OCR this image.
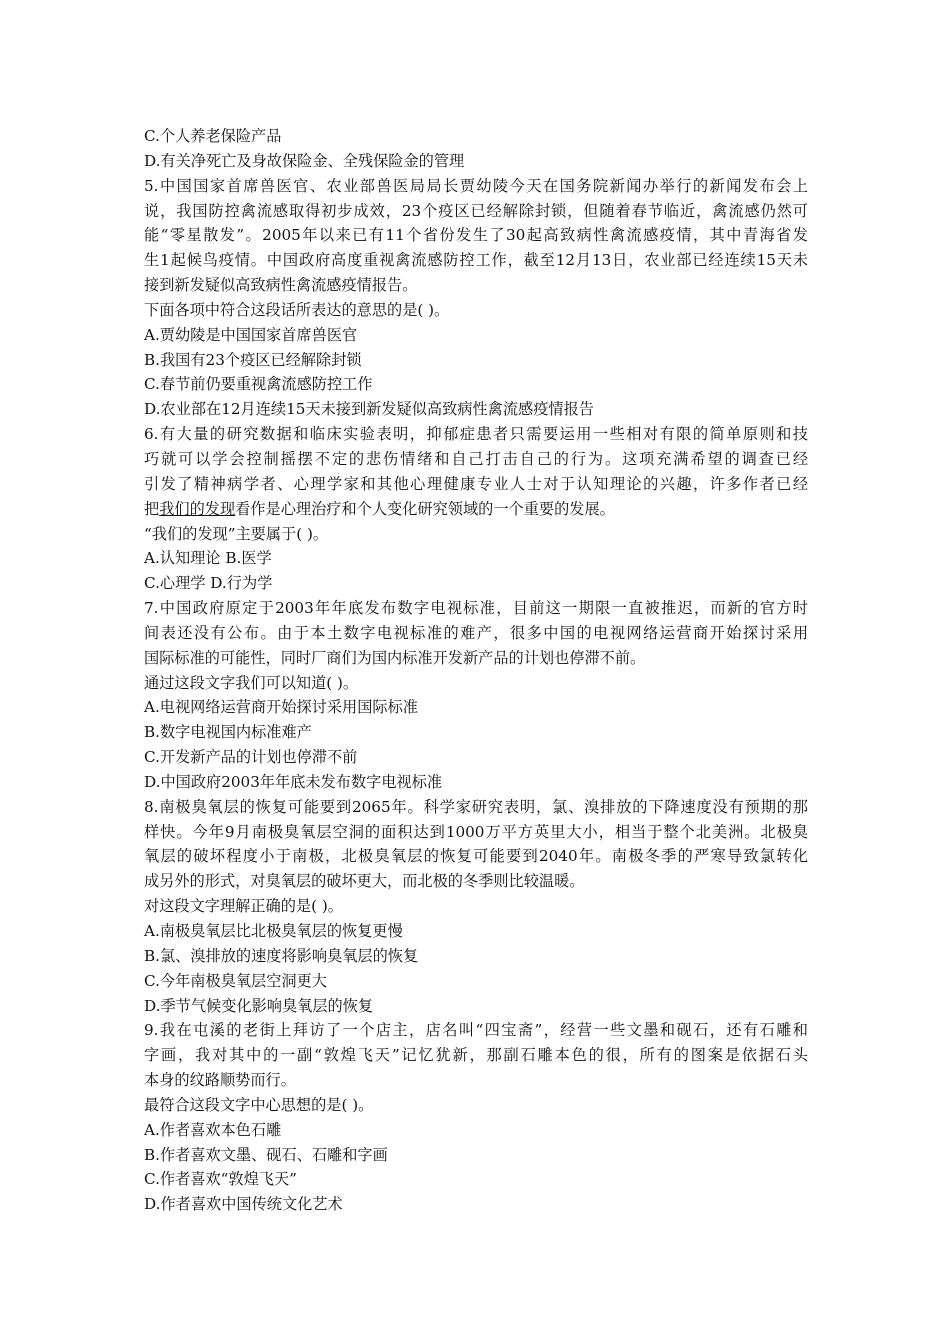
C.个人养老保险产品
D.有关净死亡及身故保险金、全残保险金的管理
5.中国国家首席兽医官、农业部兽医局局长贾幼陵今天在国务院新闻办举行的新闻发布会上
说，我国防控禽流感取得初步成效，23个疫区已经解除封锁，但随着春节临近，禽流感仍然可
能“零星散发”。2005年以来已有11个省份发生了30起高致病性禽流感疫情，其中青海省发
生1起候鸟疫情。中国政府高度重视禽流感防控工作，截至12月13日，农业部已经连续15天未
接到新发疑似高致病性禽流感疫情报告。
下面各项中符合这段话所表达的意思的是( )。
A.贾幼陵是中国国家首席兽医官
B.我国有23个疫区已经解除封锁
C.春节前仍要重视禽流感防控工作
D.农业部在12月连续15天未接到新发疑似高致病性禽流感疫情报告
6.有大量的研究数据和临床实验表明，抑郁症患者只需要运用一些相对有限的简单原则和技
巧就可以学会控制摇摆不定的悲伤情绪和自己打击自己的行为。这项充满希望的调查已经
引发了精神病学者、心理学家和其他心理健康专业人士对于认知理论的兴趣，许多作者已经
把我们的发现看作是心理治疗和个人变化研究领域的一个重要的发展。
“我们的发现”主要属于( )。
A.认知理论 B.医学
C.心理学 D.行为学
7.中国政府原定于2003年年底发布数字电视标准，目前这一期限一直被推迟，而新的官方时
间表还没有公布。由于本土数字电视标准的难产，很多中国的电视网络运营商开始探讨采用
国际标准的可能性，同时厂商们为国内标准开发新产品的计划也停滞不前。
通过这段文字我们可以知道( )。
A.电视网络运营商开始探讨采用国际标准
B.数字电视国内标准难产
C.开发新产品的计划也停滞不前
D.中国政府2003年年底未发布数字电视标准
8.南极臭氧层的恢复可能要到2065年。科学家研究表明，氯、溴排放的下降速度没有预期的那
样快。今年9月南极臭氧层空洞的面积达到1000万平方英里大小，相当于整个北美洲。北极臭
氧层的破坏程度小于南极，北极臭氧层的恢复可能要到2040年。南极冬季的严寒导致氯转化
成另外的形式，对臭氧层的破坏更大，而北极的冬季则比较温暖。
对这段文字理解正确的是( )。
A.南极臭氧层比北极臭氧层的恢复更慢
B.氯、溴排放的速度将影响臭氧层的恢复
C.今年南极臭氧层空洞更大
D.季节气候变化影响臭氧层的恢复
9.我在屯溪的老街上拜访了一个店主，店名叫“四宝斋”，经营一些文墨和砚石，还有石雕和
字画，我对其中的一副“敦煌飞天”记忆犹新，那副石雕本色的很，所有的图案是依据石头
本身的纹路顺势而行。
最符合这段文字中心思想的是( )。
A.作者喜欢本色石雕
B.作者喜欢文墨、砚石、石雕和字画
C.作者喜欢“敦煌飞天”
D.作者喜欢中国传统文化艺术
